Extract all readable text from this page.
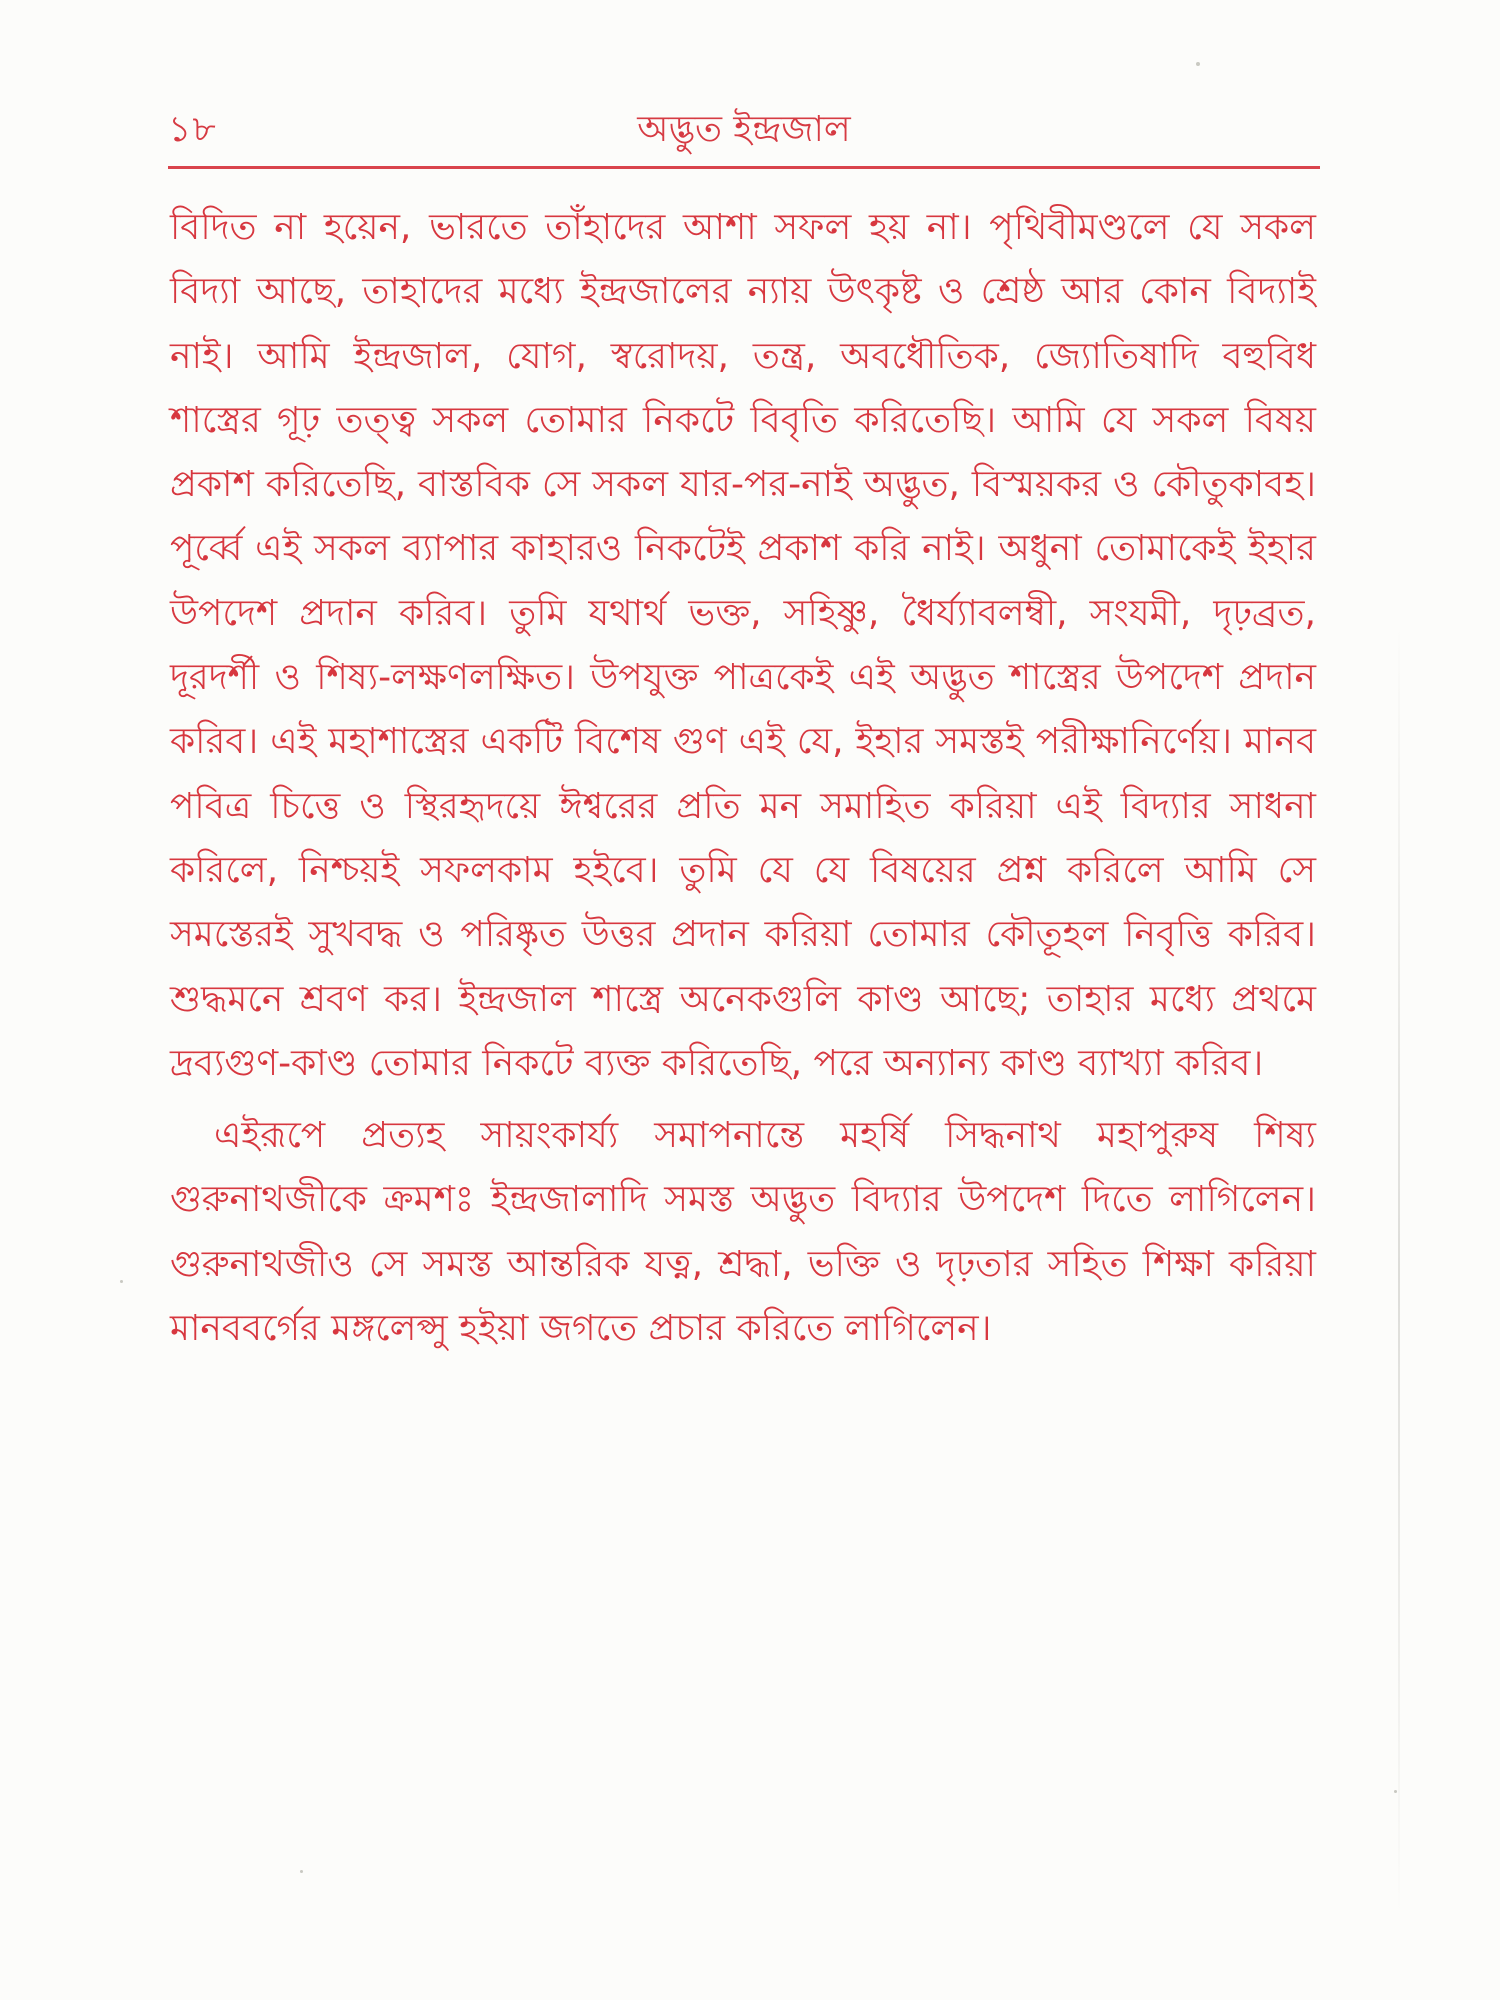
১৮	অদ্ভুত ইন্দ্রজাল

বিদিত না হয়েন, ভারতে তাঁহাদের আশা সফল হয় না। পৃথিবীমণ্ডলে যে সকল বিদ্যা আছে, তাহাদের মধ্যে ইন্দ্রজালের ন্যায় উৎকৃষ্ট ও শ্রেষ্ঠ আর কোন বিদ্যাই নাই। আমি ইন্দ্রজাল, যোগ, স্বরোদয়, তন্ত্র, অবধৌতিক, জ্যোতিষাদি বহুবিধ শাস্ত্রের গূঢ় তত্ত্ব সকল তোমার নিকটে বিবৃতি করিতেছি। আমি যে সকল বিষয় প্রকাশ করিতেছি, বাস্তবিক সে সকল যার-পর-নাই অদ্ভুত, বিস্ময়কর ও কৌতুকাবহ। পূর্ব্বে এই সকল ব্যাপার কাহারও নিকটেই প্রকাশ করি নাই। অধুনা তোমাকেই ইহার উপদেশ প্রদান করিব। তুমি যথার্থ ভক্ত, সহিষ্ণু, ধৈর্য্যাবলম্বী, সংযমী, দৃঢ়ব্রত, দূরদর্শী ও শিষ্য-লক্ষণলক্ষিত। উপযুক্ত পাত্রকেই এই অদ্ভুত শাস্ত্রের উপদেশ প্রদান করিব। এই মহাশাস্ত্রের একটি বিশেষ গুণ এই যে, ইহার সমস্তই পরীক্ষানির্ণেয়। মানব পবিত্র চিত্তে ও স্থিরহৃদয়ে ঈশ্বরের প্রতি মন সমাহিত করিয়া এই বিদ্যার সাধনা করিলে, নিশ্চয়ই সফলকাম হইবে। তুমি যে যে বিষয়ের প্রশ্ন করিলে আমি সে সমস্তেরই সুখবদ্ধ ও পরিষ্কৃত উত্তর প্রদান করিয়া তোমার কৌতূহল নিবৃত্তি করিব। শুদ্ধমনে শ্রবণ কর। ইন্দ্রজাল শাস্ত্রে অনেকগুলি কাণ্ড আছে; তাহার মধ্যে প্রথমে দ্রব্যগুণ-কাণ্ড তোমার নিকটে ব্যক্ত করিতেছি, পরে অন্যান্য কাণ্ড ব্যাখ্যা করিব।

এইরূপে প্রত্যহ সায়ংকার্য্য সমাপনান্তে মহর্ষি সিদ্ধনাথ মহাপুরুষ শিষ্য গুরুনাথজীকে ক্রমশঃ ইন্দ্রজালাদি সমস্ত অদ্ভুত বিদ্যার উপদেশ দিতে লাগিলেন। গুরুনাথজীও সে সমস্ত আন্তরিক যত্ন, শ্রদ্ধা, ভক্তি ও দৃঢ়তার সহিত শিক্ষা করিয়া মানববর্গের মঙ্গলেপ্সু হইয়া জগতে প্রচার করিতে লাগিলেন।
